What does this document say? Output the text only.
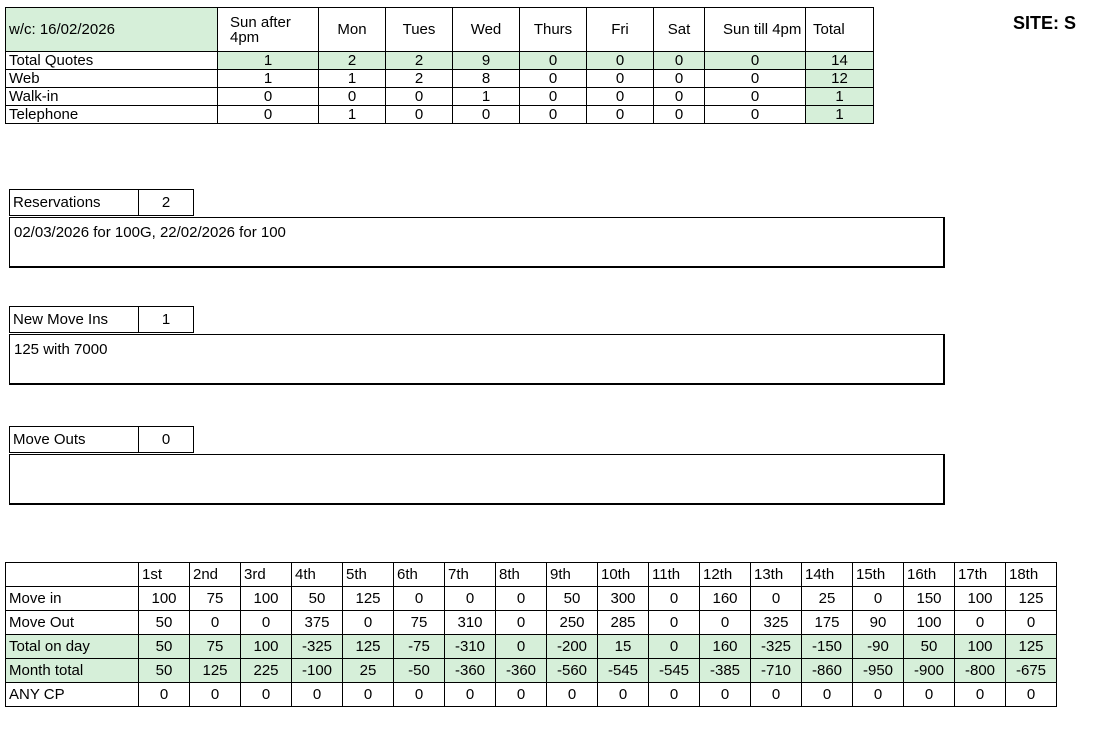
SITE: S
w/c: 16/02/2026	Sun after 4pm	Mon	Tues	Wed	Thurs	Fri	Sat	Sun till 4pm	Total
Total Quotes	1	2	2	9	0	0	0	0	14
Web	1	1	2	8	0	0	0	0	12
Walk-in	0	0	0	1	0	0	0	0	1
Telephone	0	1	0	0	0	0	0	0	1
Reservations	2
02/03/2026 for 100G, 22/02/2026 for 100
New Move Ins	1
125 with 7000
Move Outs	0
	1st	2nd	3rd	4th	5th	6th	7th	8th	9th	10th	11th	12th	13th	14th	15th	16th	17th	18th
Move in	100	75	100	50	125	0	0	0	50	300	0	160	0	25	0	150	100	125
Move Out	50	0	0	375	0	75	310	0	250	285	0	0	325	175	90	100	0	0
Total on day	50	75	100	-325	125	-75	-310	0	-200	15	0	160	-325	-150	-90	50	100	125
Month total	50	125	225	-100	25	-50	-360	-360	-560	-545	-545	-385	-710	-860	-950	-900	-800	-675
ANY CP	0	0	0	0	0	0	0	0	0	0	0	0	0	0	0	0	0	0
